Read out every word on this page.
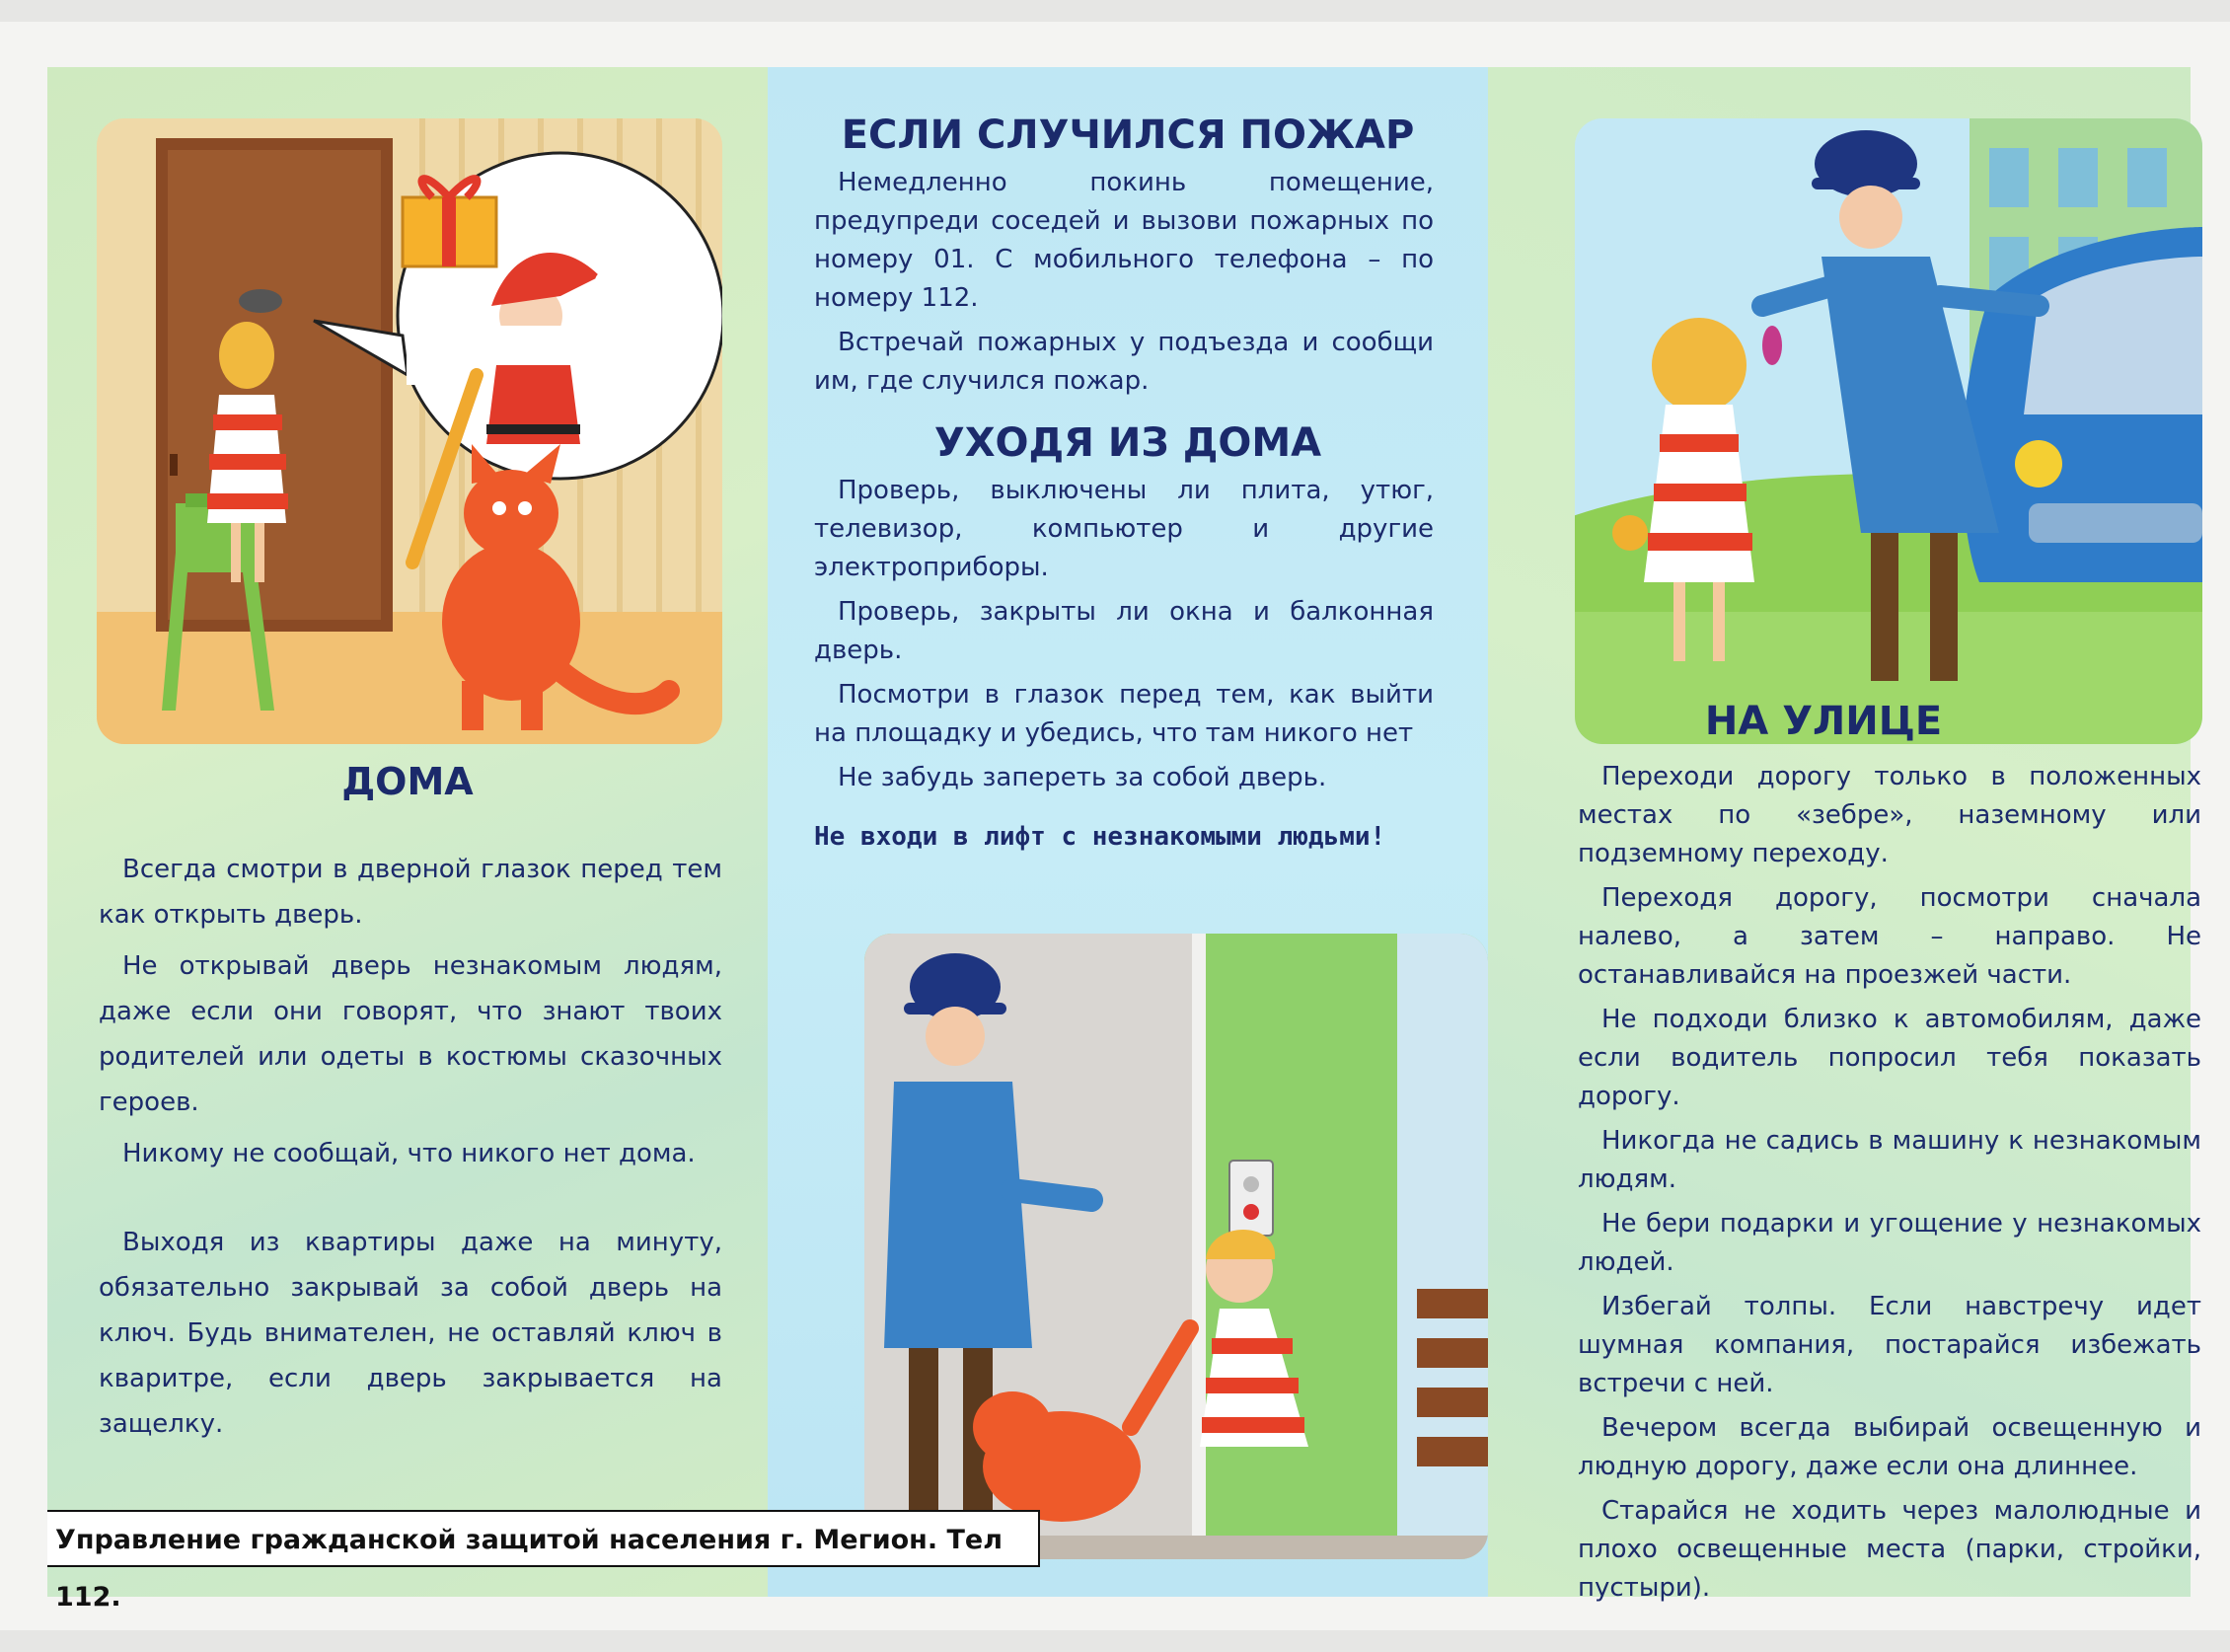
ДОМА

Всегда смотри в дверной глазок перед тем как открыть дверь.

Не открывай дверь незнакомым людям, даже если они говорят, что знают твоих родителей или одеты в костюмы сказочных героев.

Никому не сообщай, что никого нет дома.

Выходя из квартиры даже на минуту, обязательно закрывай за собой дверь на ключ. Будь внимателен, не оставляй ключ в кваритре, если дверь закрывается на защелку.

ЕСЛИ СЛУЧИЛСЯ ПОЖАР

Немедленно покинь помещение, предупреди соседей и вызови пожарных по номеру 01. С мобильного телефона – по номеру 112.

Встречай пожарных у подъезда и сообщи им, где случился пожар.

УХОДЯ ИЗ ДОМА

Проверь, выключены ли плита, утюг, телевизор, компьютер и другие электроприборы.

Проверь, закрыты ли окна и балконная дверь.

Посмотри в глазок перед тем, как выйти на площадку и убедись, что там никого нет

Не забудь запереть за собой дверь.

Не входи в лифт с незнакомыми людьми!
НА УЛИЦЕ

Переходи дорогу только в положенных местах по «зебре», наземному или подземному переходу.

Переходя дорогу, посмотри сначала налево, а затем – направо. Не останавливайся на проезжей части.

Не подходи близко к автомобилям, даже если водитель попросил тебя показать дорогу.

Никогда не садись в машину к незнакомым людям.

Не бери подарки и угощение у незнакомых людей.

Избегай толпы. Если навстречу идет шумная компания, постарайся избежать встречи с ней.

Вечером всегда выбирай освещенную и людную дорогу, даже если она длиннее.

Старайся не ходить через малолюдные и плохо освещенные места (парки, стройки, пустыри).

Управление гражданской защитой населения г. Мегион. Тел 112.
